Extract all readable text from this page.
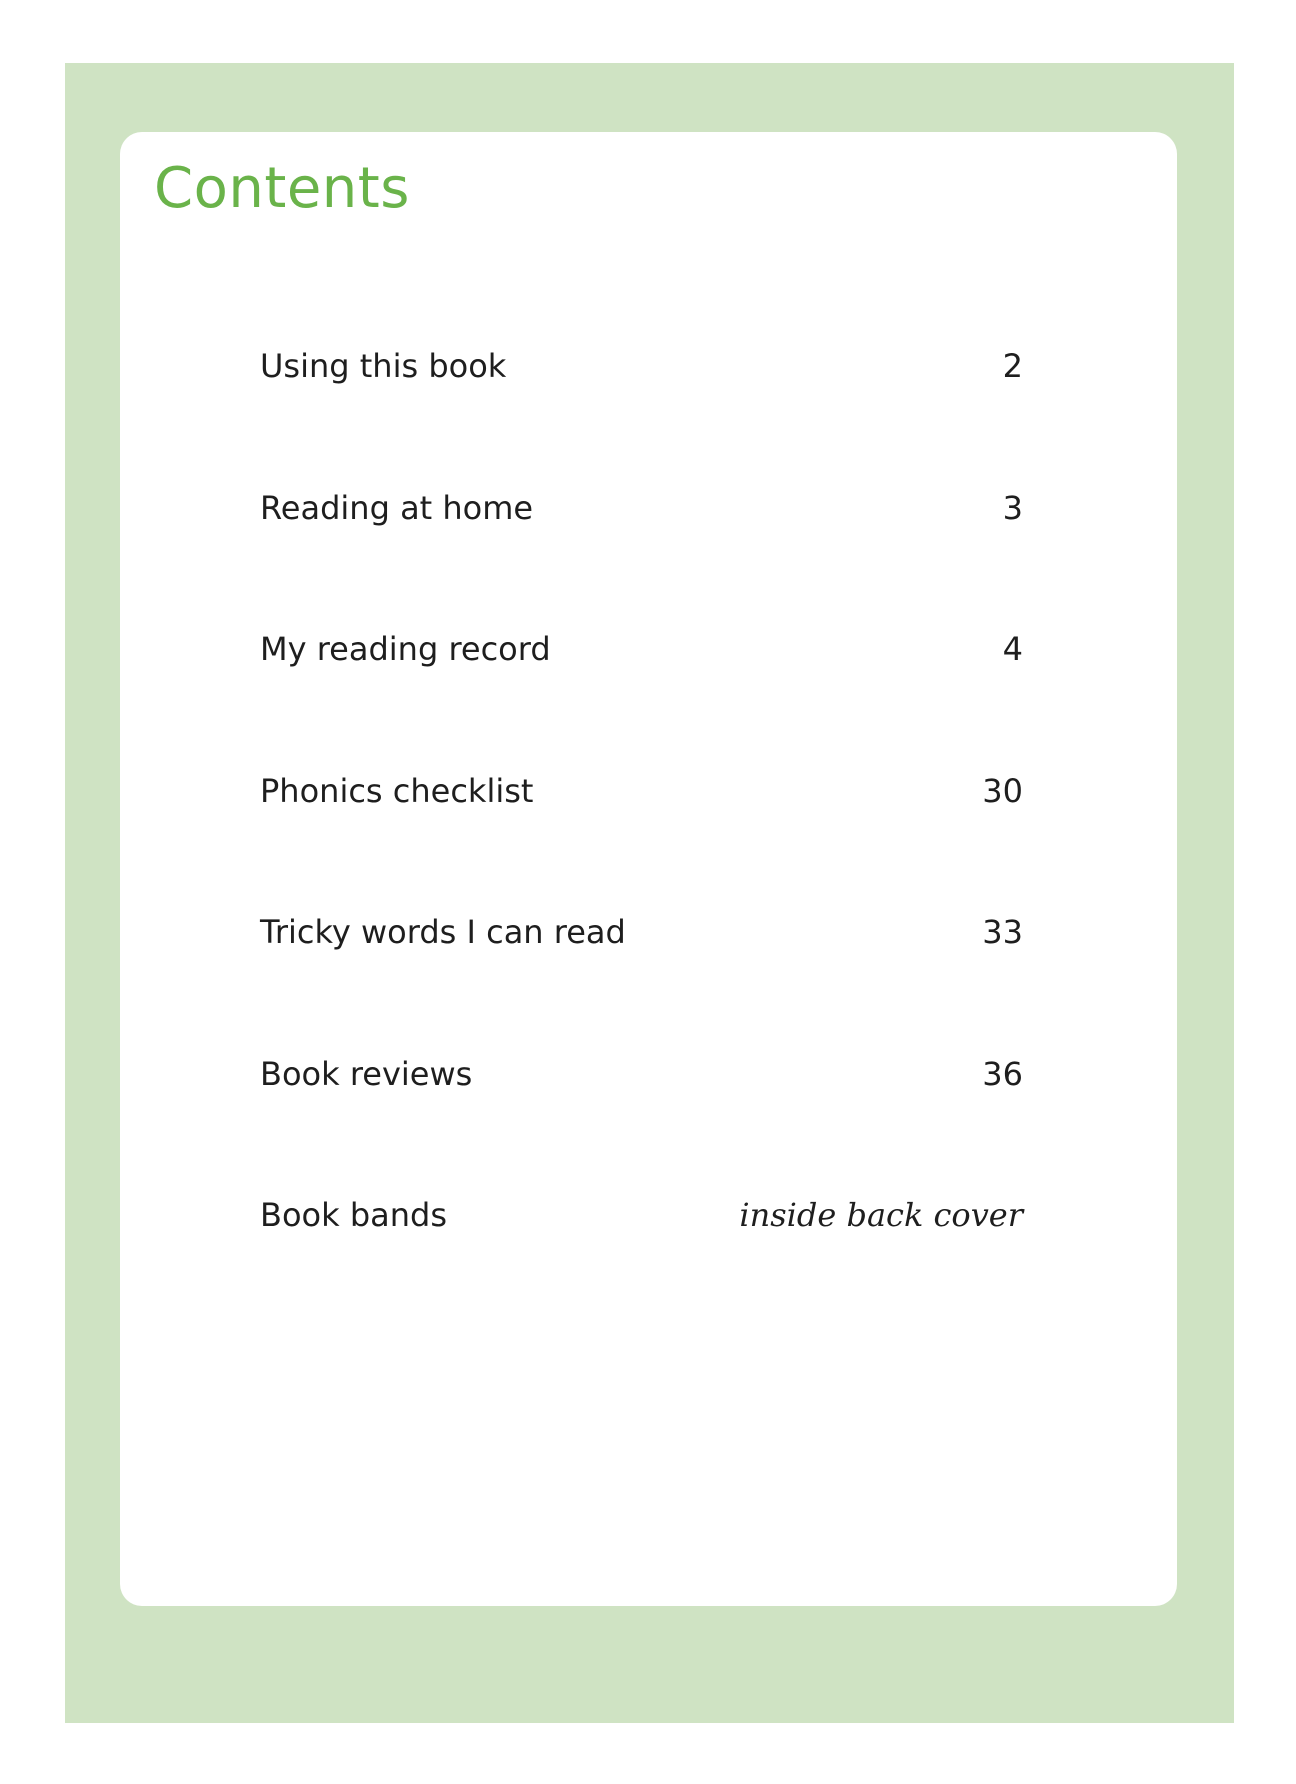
Contents
Using this book	2
Reading at home	3
My reading record	4
Phonics checklist	30
Tricky words I can read	33
Book reviews	36
Book bands	inside back cover
